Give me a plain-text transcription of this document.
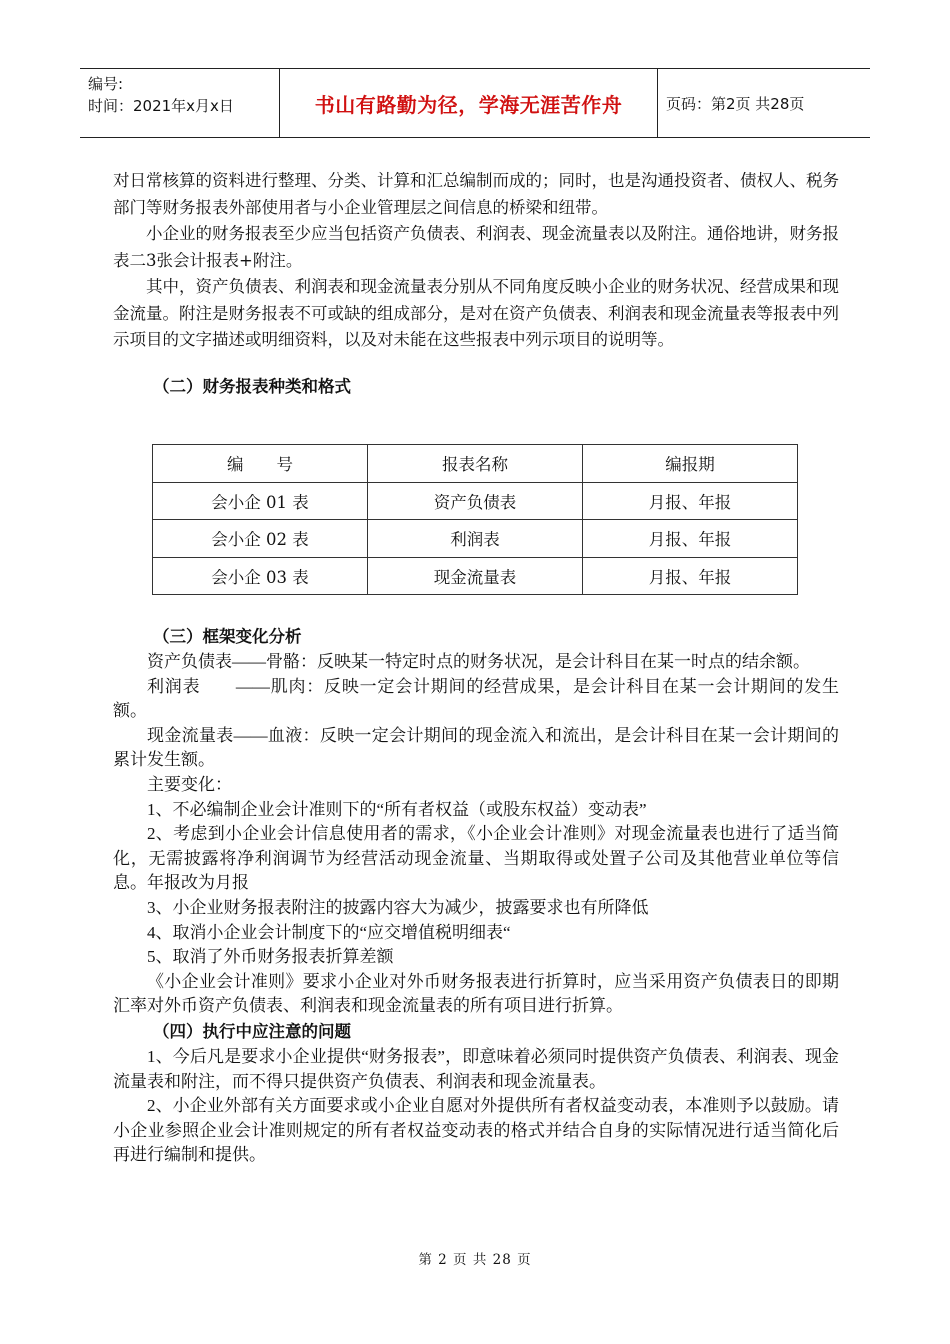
编号:
时间：2021年x月x日	书山有路勤为径，学海无涯苦作舟	页码：第2页 共28页

对日常核算的资料进行整理、分类、计算和汇总编制而成的；同时，也是沟通投资者、债权人、税务部门等财务报表外部使用者与小企业管理层之间信息的桥梁和纽带。

小企业的财务报表至少应当包括资产负债表、利润表、现金流量表以及附注。通俗地讲，财务报表二3张会计报表+附注。

其中，资产负债表、利润表和现金流量表分别从不同角度反映小企业的财务状况、经营成果和现金流量。附注是财务报表不可或缺的组成部分，是对在资产负债表、利润表和现金流量表等报表中列示项目的文字描述或明细资料，以及对未能在这些报表中列示项目的说明等。

（二）财务报表种类和格式

编　　号	报表名称	编报期
会小企 01 表	资产负债表	月报、年报
会小企 02 表	利润表	月报、年报
会小企 03 表	现金流量表	月报、年报

（三）框架变化分析

资产负债表——骨骼：反映某一特定时点的财务状况，是会计科目在某一时点的结余额。

利润表　　——肌肉：反映一定会计期间的经营成果，是会计科目在某一会计期间的发生额。

现金流量表——血液：反映一定会计期间的现金流入和流出，是会计科目在某一会计期间的累计发生额。

主要变化：

1、不必编制企业会计准则下的“所有者权益（或股东权益）变动表”

2、考虑到小企业会计信息使用者的需求，《小企业会计准则》对现金流量表也进行了适当简化，无需披露将净利润调节为经营活动现金流量、当期取得或处置子公司及其他营业单位等信息。年报改为月报

3、小企业财务报表附注的披露内容大为减少，披露要求也有所降低

4、取消小企业会计制度下的“应交增值税明细表“

5、取消了外币财务报表折算差额

《小企业会计准则》要求小企业对外币财务报表进行折算时，应当采用资产负债表日的即期汇率对外币资产负债表、利润表和现金流量表的所有项目进行折算。

（四）执行中应注意的问题

1、今后凡是要求小企业提供“财务报表”，即意味着必须同时提供资产负债表、利润表、现金流量表和附注，而不得只提供资产负债表、利润表和现金流量表。

2、小企业外部有关方面要求或小企业自愿对外提供所有者权益变动表，本准则予以鼓励。请小企业参照企业会计准则规定的所有者权益变动表的格式并结合自身的实际情况进行适当简化后再进行编制和提供。

第 2 页 共 28 页
